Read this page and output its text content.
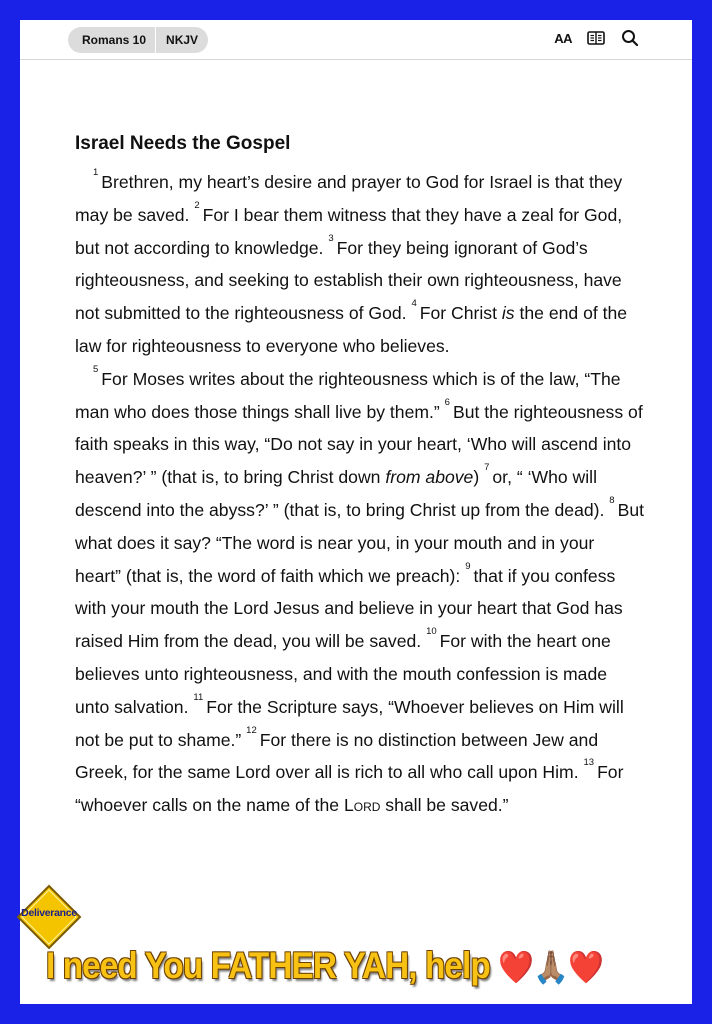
Romans 10	NKJV	AA
Israel Needs the Gospel

$^1$ Brethren, my heart’s desire and prayer to God for Israel is that they may be saved. $^2$ For I bear them witness that they have a zeal for God, but not according to knowledge. $^3$ For they being ignorant of God’s righteousness, and seeking to establish their own righteousness, have not submitted to the righteousness of God. $^4$ For Christ is the end of the law for righteousness to everyone who believes.

$^5$ For Moses writes about the righteousness which is of the law, “The man who does those things shall live by them.” $^6$ But the righteousness of faith speaks in this way, “Do not say in your heart, ‘Who will ascend into heaven?’ ” (that is, to bring Christ down from above) $^7$ or, “ ‘Who will descend into the abyss?’ ” (that is, to bring Christ up from the dead). $^8$ But what does it say? “The word is near you, in your mouth and in your heart” (that is, the word of faith which we preach): $^9$ that if you confess with your mouth the Lord Jesus and believe in your heart that God has raised Him from the dead, you will be saved. $^{10}$ For with the heart one believes unto righteousness, and with the mouth confession is made unto salvation. $^{11}$ For the Scripture says, “Whoever believes on Him will not be put to shame.” $^{12}$ For there is no distinction between Jew and Greek, for the same Lord over all is rich to all who call upon Him. $^{13}$ For “whoever calls on the name of the Lord shall be saved.”

Deliverance
I need You FATHER YAH, help ❤️🙏🏽❤️
